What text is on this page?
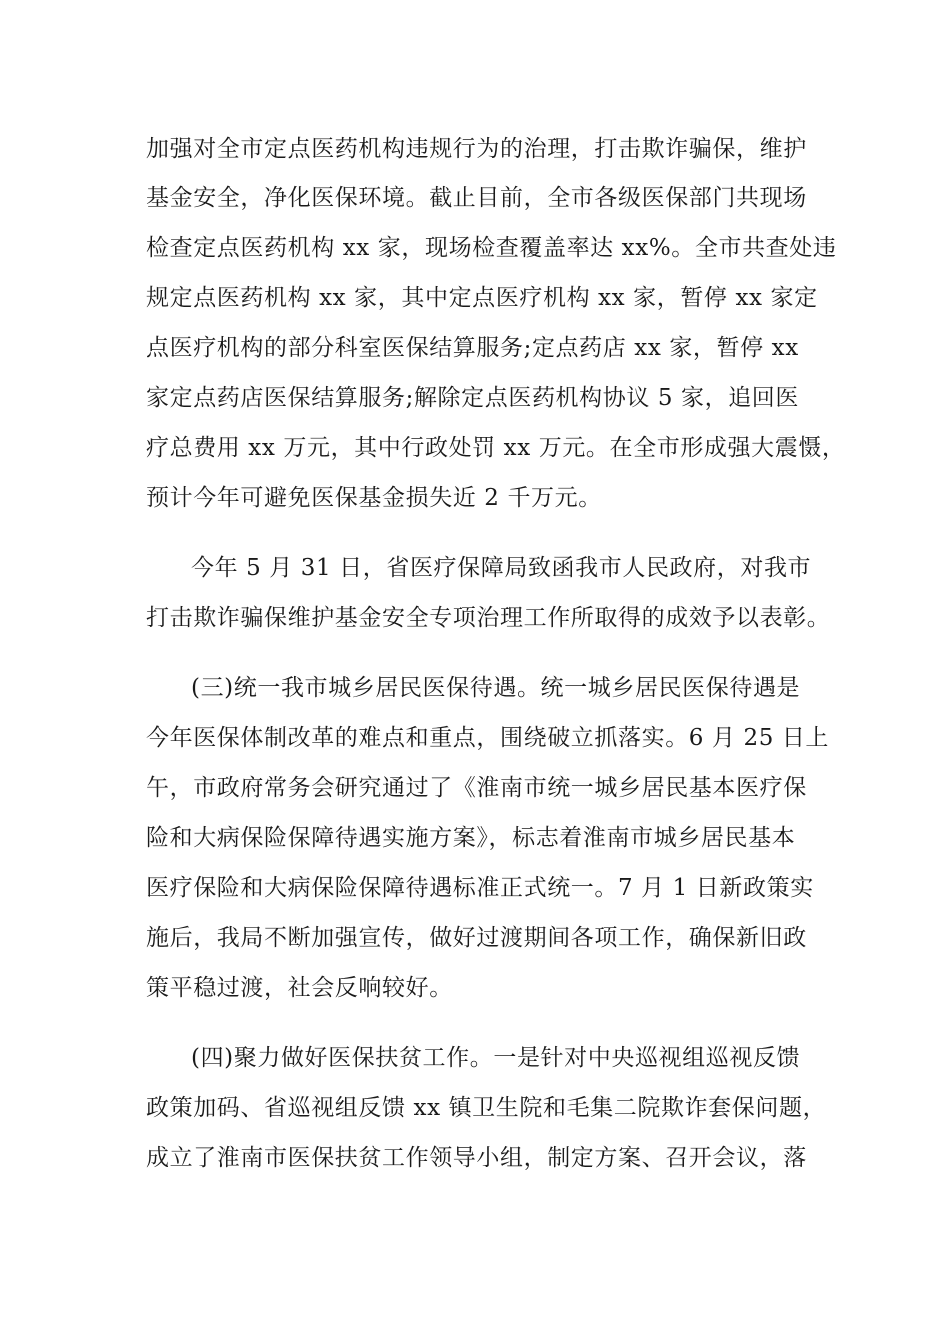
加强对全市定点医药机构违规行为的治理，打击欺诈骗保，维护
基金安全，净化医保环境。截止目前，全市各级医保部门共现场
检查定点医药机构 xx 家，现场检查覆盖率达 xx%。全市共查处违
规定点医药机构 xx 家，其中定点医疗机构 xx 家，暂停 xx 家定
点医疗机构的部分科室医保结算服务;定点药店 xx 家，暂停 xx
家定点药店医保结算服务;解除定点医药机构协议 5 家，追回医
疗总费用 xx 万元，其中行政处罚 xx 万元。在全市形成强大震慑，
预计今年可避免医保基金损失近 2 千万元。
今年 5 月 31 日，省医疗保障局致函我市人民政府，对我市
打击欺诈骗保维护基金安全专项治理工作所取得的成效予以表彰。
(三)统一我市城乡居民医保待遇。统一城乡居民医保待遇是
今年医保体制改革的难点和重点，围绕破立抓落实。6 月 25 日上
午，市政府常务会研究通过了《淮南市统一城乡居民基本医疗保
险和大病保险保障待遇实施方案》，标志着淮南市城乡居民基本
医疗保险和大病保险保障待遇标准正式统一。7 月 1 日新政策实
施后，我局不断加强宣传，做好过渡期间各项工作，确保新旧政
策平稳过渡，社会反响较好。
(四)聚力做好医保扶贫工作。一是针对中央巡视组巡视反馈
政策加码、省巡视组反馈 xx 镇卫生院和毛集二院欺诈套保问题，
成立了淮南市医保扶贫工作领导小组，制定方案、召开会议，落
